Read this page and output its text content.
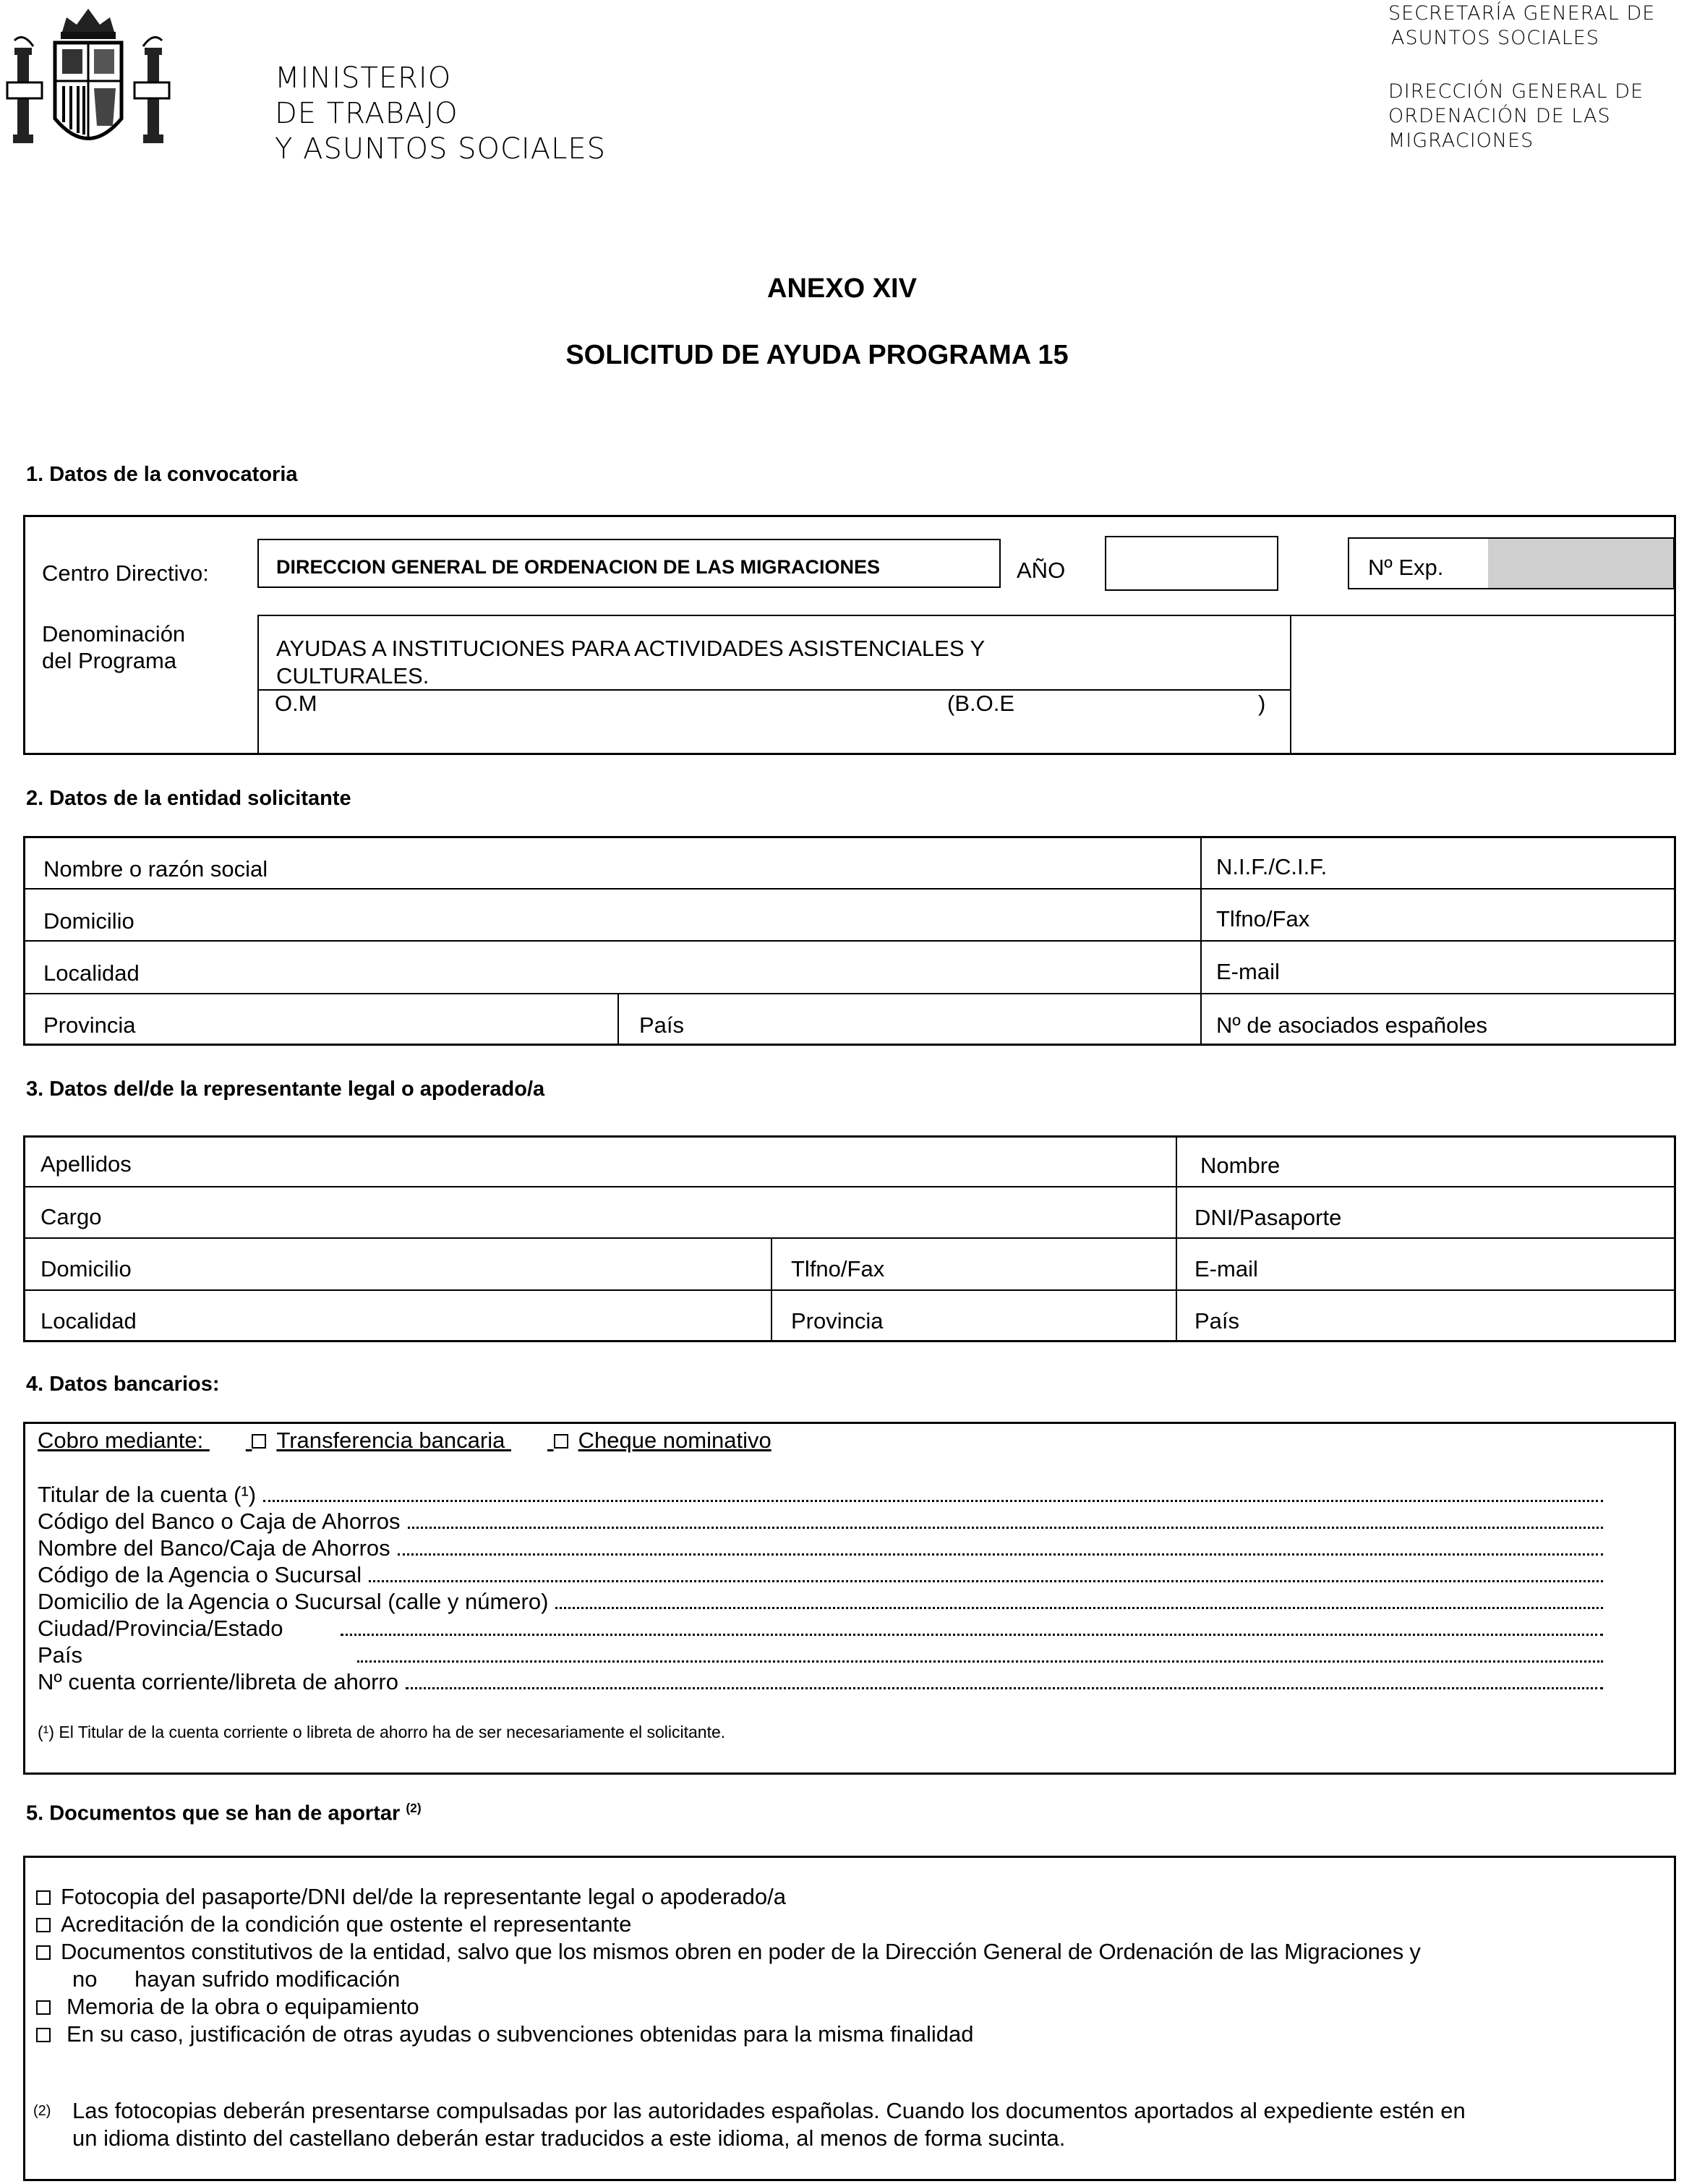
MINISTERIO
DE TRABAJO
Y ASUNTOS SOCIALES
SECRETARÍA GENERAL DE
ASUNTOS SOCIALES
DIRECCIÓN GENERAL DE
ORDENACIÓN DE LAS
MIGRACIONES
ANEXO XIV
SOLICITUD DE AYUDA PROGRAMA 15
1. Datos de la convocatoria
Centro Directivo:	DIRECCION GENERAL DE ORDENACION DE LAS MIGRACIONES	AÑO	Nº Exp.
Denominación
del Programa	AYUDAS A INSTITUCIONES PARA ACTIVIDADES ASISTENCIALES Y
CULTURALES.
O.M	(B.O.E	)
2. Datos de la entidad solicitante
Nombre o razón social	N.I.F./C.I.F.
Domicilio	Tlfno/Fax
Localidad	E-mail
Provincia	País	Nº de asociados españoles
3. Datos del/de la representante legal o apoderado/a
Apellidos	Nombre
Cargo	DNI/Pasaporte
Domicilio	Tlfno/Fax	E-mail
Localidad	Provincia	País
4. Datos bancarios:
Cobro mediante:	Transferencia bancaria	Cheque nominativo
Titular de la cuenta (¹)
Código del Banco o Caja de Ahorros
Nombre del Banco/Caja de Ahorros
Código de la Agencia o Sucursal
Domicilio de la Agencia o Sucursal (calle y número)
Ciudad/Provincia/Estado
País
Nº cuenta corriente/libreta de ahorro
(¹) El Titular de la cuenta corriente o libreta de ahorro ha de ser necesariamente el solicitante.
5. Documentos que se han de aportar $^{(2)}$
Fotocopia del pasaporte/DNI del/de la representante legal o apoderado/a
Acreditación de la condición que ostente el representante
Documentos constitutivos de la entidad, salvo que los mismos obren en poder de la Dirección General de Ordenación de las Migraciones y
no      hayan sufrido modificación
Memoria de la obra o equipamiento
En su caso, justificación de otras ayudas o subvenciones obtenidas para la misma finalidad
$^{(2)}$ Las fotocopias deberán presentarse compulsadas por las autoridades españolas. Cuando los documentos aportados al expediente estén en
un idioma distinto del castellano deberán estar traducidos a este idioma, al menos de forma sucinta.
